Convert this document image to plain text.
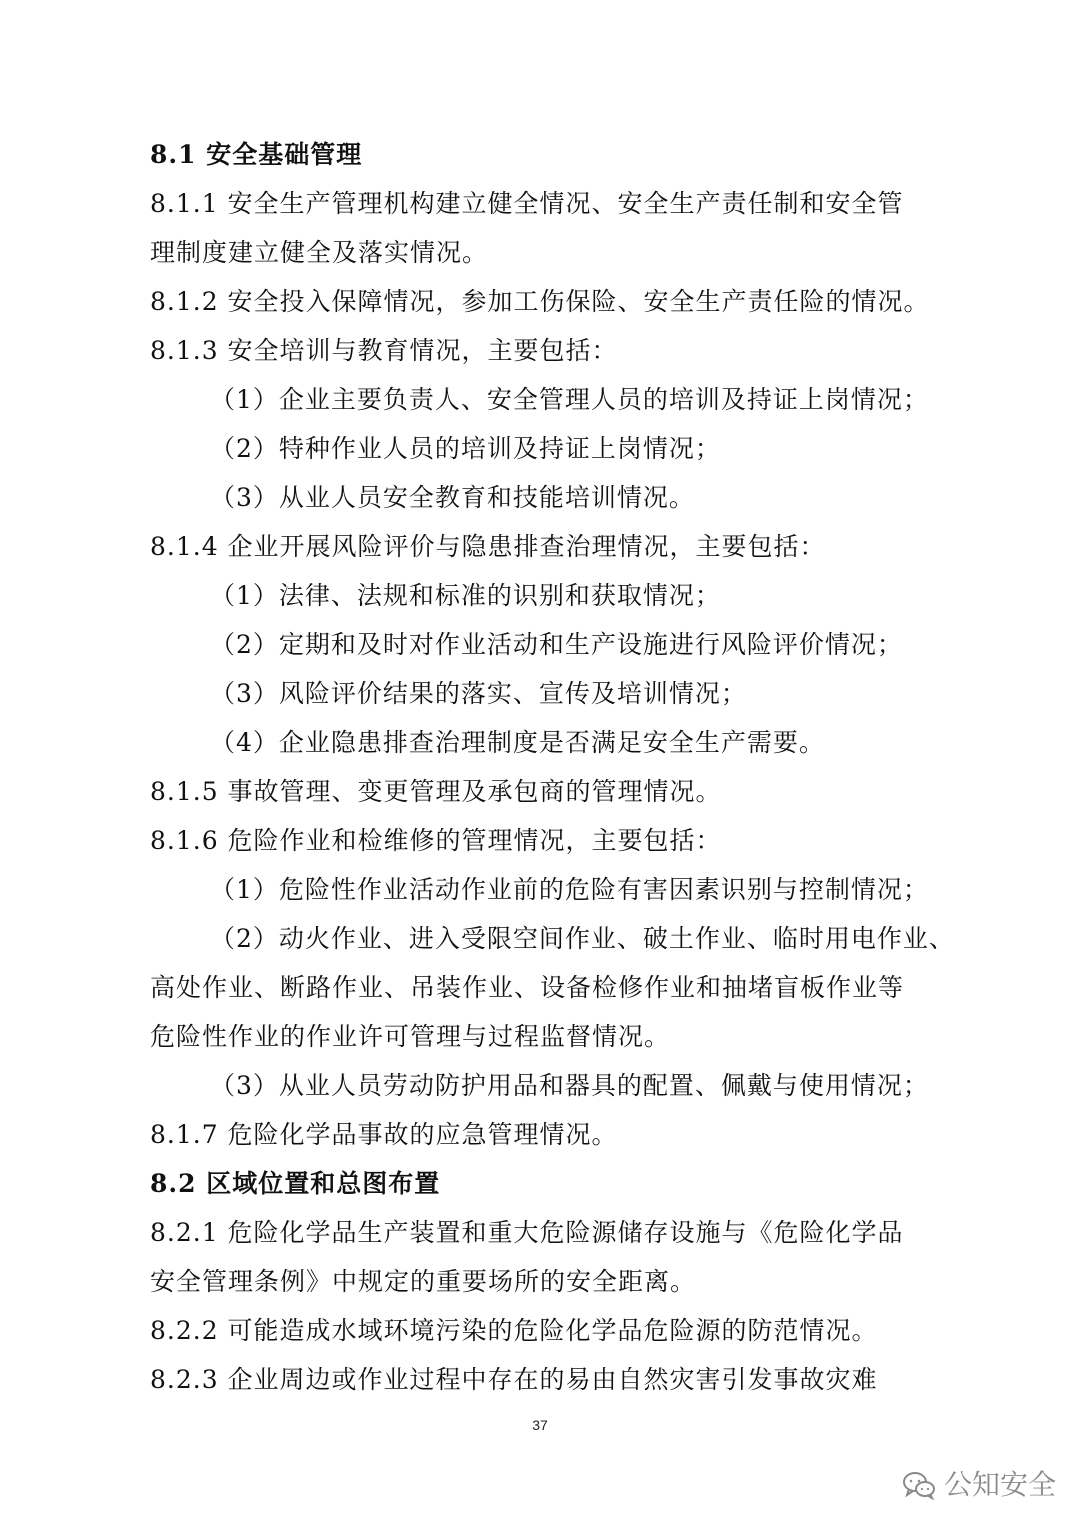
8.1 安全基础管理
8.1.1 安全生产管理机构建立健全情况、安全生产责任制和安全管
理制度建立健全及落实情况。
8.1.2 安全投入保障情况，参加工伤保险、安全生产责任险的情况。
8.1.3 安全培训与教育情况，主要包括：
（1）企业主要负责人、安全管理人员的培训及持证上岗情况；
（2）特种作业人员的培训及持证上岗情况；
（3）从业人员安全教育和技能培训情况。
8.1.4 企业开展风险评价与隐患排查治理情况，主要包括：
（1）法律、法规和标准的识别和获取情况；
（2）定期和及时对作业活动和生产设施进行风险评价情况；
（3）风险评价结果的落实、宣传及培训情况；
（4）企业隐患排查治理制度是否满足安全生产需要。
8.1.5 事故管理、变更管理及承包商的管理情况。
8.1.6 危险作业和检维修的管理情况，主要包括：
（1）危险性作业活动作业前的危险有害因素识别与控制情况；
（2）动火作业、进入受限空间作业、破土作业、临时用电作业、
高处作业、断路作业、吊装作业、设备检修作业和抽堵盲板作业等
危险性作业的作业许可管理与过程监督情况。
（3）从业人员劳动防护用品和器具的配置、佩戴与使用情况；
8.1.7 危险化学品事故的应急管理情况。
8.2 区域位置和总图布置
8.2.1 危险化学品生产装置和重大危险源储存设施与《危险化学品
安全管理条例》中规定的重要场所的安全距离。
8.2.2 可能造成水域环境污染的危险化学品危险源的防范情况。
8.2.3 企业周边或作业过程中存在的易由自然灾害引发事故灾难
37
公知安全
